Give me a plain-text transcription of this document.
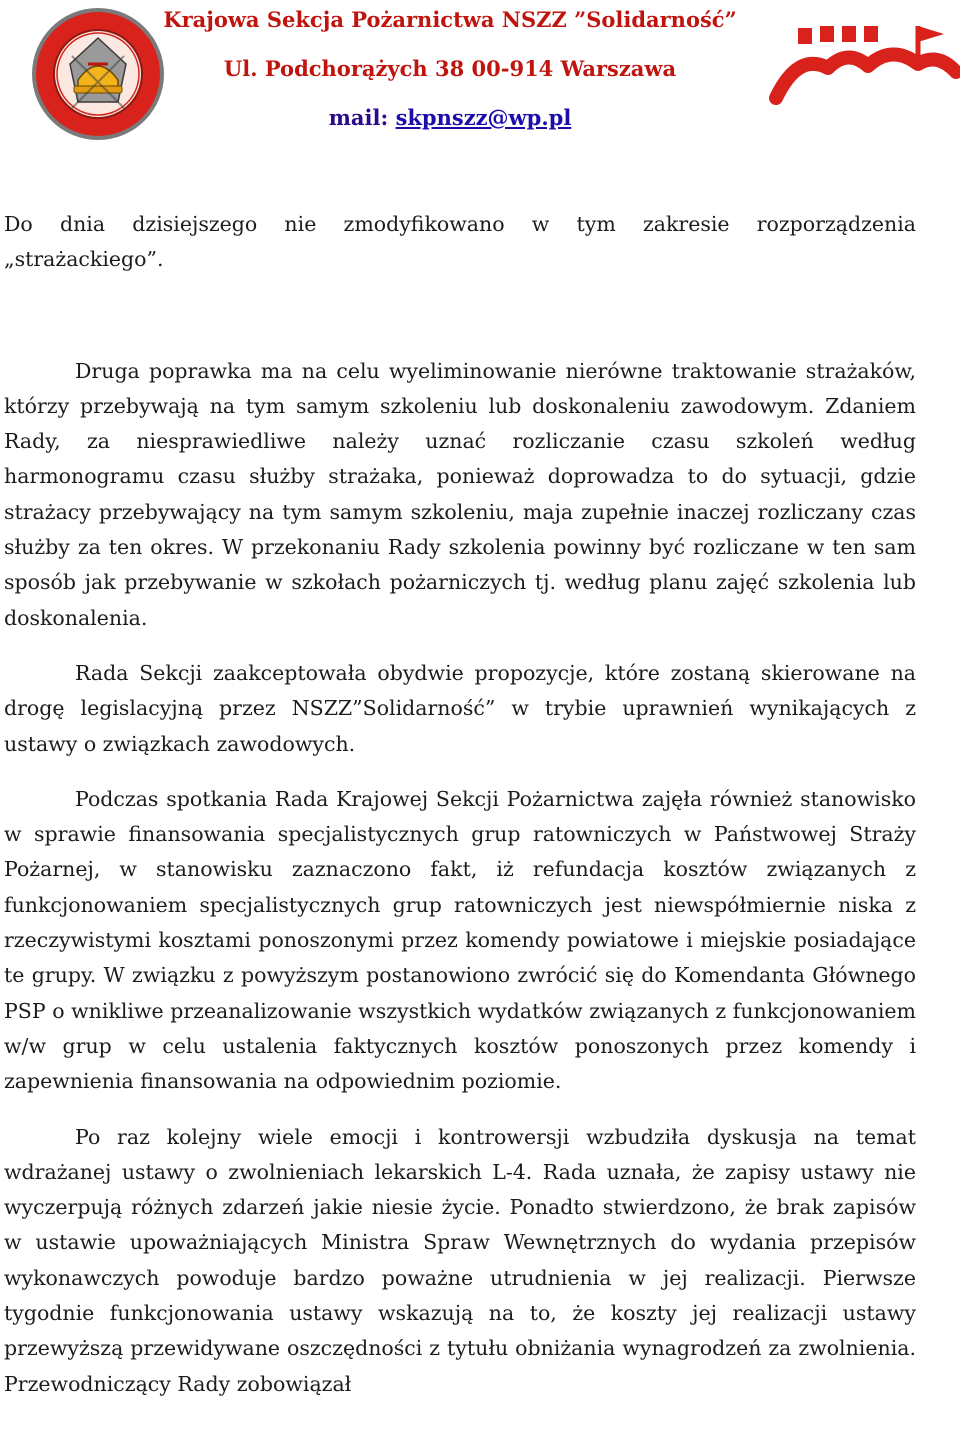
Krajowa Sekcja Pożarnictwa NSZZ ”Solidarność”
Ul. Podchorążych 38 00-914 Warszawa
mail: skpnszz@wp.pl

Do dnia dzisiejszego nie zmodyfikowano w tym zakresie rozporządzenia „strażackiego”.

Druga poprawka ma na celu wyeliminowanie nierówne traktowanie strażaków, którzy przebywają na tym samym szkoleniu lub doskonaleniu zawodowym. Zdaniem Rady, za niesprawiedliwe należy uznać rozliczanie czasu szkoleń według harmonogramu czasu służby strażaka, ponieważ doprowadza to do sytuacji, gdzie strażacy przebywający na tym samym szkoleniu, maja zupełnie inaczej rozliczany czas służby za ten okres. W przekonaniu Rady szkolenia powinny być rozliczane w ten sam sposób jak przebywanie w szkołach pożarniczych tj. według planu zajęć szkolenia lub doskonalenia.

Rada Sekcji zaakceptowała obydwie propozycje, które zostaną skierowane na drogę legislacyjną przez NSZZ”Solidarność” w trybie uprawnień wynikających z ustawy o związkach zawodowych.

Podczas spotkania Rada Krajowej Sekcji Pożarnictwa zajęła również stanowisko w sprawie finansowania specjalistycznych grup ratowniczych w Państwowej Straży Pożarnej, w stanowisku zaznaczono fakt, iż refundacja kosztów związanych z funkcjonowaniem specjalistycznych grup ratowniczych jest niewspółmiernie niska z rzeczywistymi kosztami ponoszonymi przez komendy powiatowe i miejskie posiadające te grupy. W związku z powyższym postanowiono zwrócić się do Komendanta Głównego PSP o wnikliwe przeanalizowanie wszystkich wydatków związanych z funkcjonowaniem w/w grup w celu ustalenia faktycznych kosztów ponoszonych przez komendy i zapewnienia finansowania na odpowiednim poziomie.

Po raz kolejny wiele emocji i kontrowersji wzbudziła dyskusja na temat wdrażanej ustawy o zwolnieniach lekarskich L-4. Rada uznała, że zapisy ustawy nie wyczerpują różnych zdarzeń jakie niesie życie. Ponadto stwierdzono, że brak zapisów w ustawie upoważniających Ministra Spraw Wewnętrznych do wydania przepisów wykonawczych powoduje bardzo poważne utrudnienia w jej realizacji. Pierwsze tygodnie funkcjonowania ustawy wskazują na to, że koszty jej realizacji ustawy przewyższą przewidywane oszczędności z tytułu obniżania wynagrodzeń za zwolnienia. Przewodniczący Rady zobowiązał
